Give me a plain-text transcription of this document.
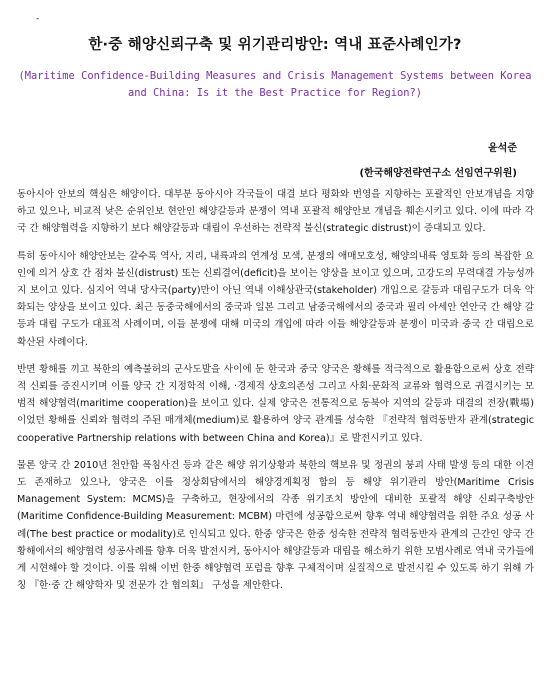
-
한·중 해양신뢰구축 및 위기관리방안: 역내 표준사례인가?
(Maritime Confidence-Building Measures and Crisis Management Systems between Korea and China: Is it the Best Practice for Region?)
윤석준
(한국해양전략연구소 선임연구위원)

동아시아 안보의 핵심은 해양이다. 대부분 동아시아 각국들이 대결 보다 평화와 번영을 지향하는 포괄적인 안보개념을 지향하고 있으나, 비교적 낮은 순위인보 현안인 해양갈등과 분쟁이 역내 포괄적 해양안보 개념을 훼손시키고 있다. 이에 따라 각국 간 해양협력을 지향하기 보다 해양갈등과 대립이 우선하는 전략적 불신(strategic distrust)이 증대되고 있다.

특히 동아시아 해양안보는 갈수록 역사, 지리, 내륙과의 연계성 모색, 분쟁의 애매모호성, 해양의내륙 영토화 등의 복잡한 요인에 의거 상호 간 점차 불신(distrust) 또는 신뢰결여(deficit)을 보이는 양상을 보이고 있으며, 고강도의 무력대결 가능성까지 보이고 있다. 심지어 역내 당사국(party)만이 아닌 역내 이해상관국(stakeholder) 개입으로 갈등과 대립구도가 더욱 악화되는 양상을 보이고 있다. 최근 동중국해에서의 중국과 일본 그리고 남중국해에서의 중국과 필리 아세안 연안국 간 해양 갈등과 대립 구도가 대표적 사례이며, 이들 분쟁에 대해 미국의 개입에 따라 이들 해양갈등과 분쟁이 미국과 중국 간 대립으로 확산된 사례이다.

반면 황해를 끼고 북한의 예측불허의 군사도발을 사이에 둔 한국과 중국 양국은 황해를 적극적으로 활용함으로써 상호 전략적 신뢰를 증진시키며 이를 양국 간 지정학적 이해, ·경제적 상호의존성 그리고 사회·문화적 교류와 협력으로 귀결시키는 모범적 해양협력(maritime cooperation)을 보이고 있다. 실제 양국은 전통적으로 동북아 지역의 갈등과 대결의 전장(戰場)이었던 황해를 신뢰와 협력의 주된 매개체(medium)로 활용하여 양국 관계를 성숙한 『전략적 협력동반자 관계(strategic cooperative Partnership relations with between China and Korea)』로 발전시키고 있다.

물론 양국 간 2010년 천안함 폭침사건 등과 같은 해양 위기상황과 북한의 핵보유 및 정권의 붕괴 사태 발생 등의 대한 이견도 존재하고 있으나, 양국은 이를 정상회담에서의 해양경계획정 합의 등 해양 위기관리 방안(Maritime Crisis Management System: MCMS)을 구축하고, 현장에서의 각종 위기조치 방안에 대비한 포괄적 해양 신뢰구축방안(Maritime Confidence-Building Measurement: MCBM) 마련에 성공함으로써 향후 역내 해양협력을 위한 주요 성공 사례(The best practice or modality)로 인식되고 있다. 한중 양국은 한중 성숙한 전략적 협력동반자 관계의 근간인 양국 간 황해에서의 해양협력 성공사례를 향후 더욱 발전시켜, 동아시아 해양갈등과 대립을 해소하기 위한 모범사례로 역내 국가들에게 시현해야 할 것이다. 이를 위해 이번 한중 해양협력 포럼을 향후 구체적이며 실질적으로 발전시킬 수 있도록 하기 위해 가칭 『한·중 간 해양학자 및 전문가 간 협의회』 구성을 제안한다.
